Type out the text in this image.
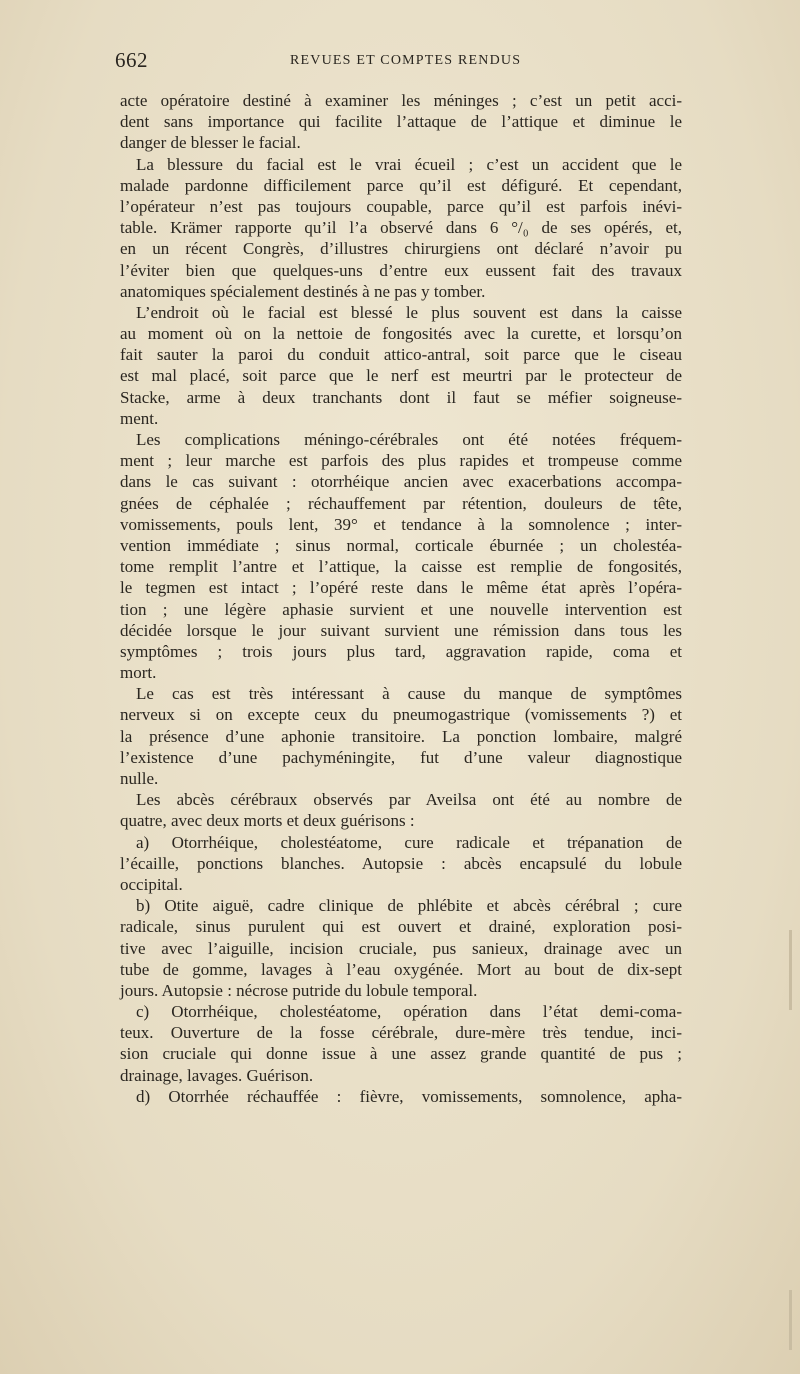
662	REVUES ET COMPTES RENDUS
acte opératoire destiné à examiner les méninges ; c’est un petit acci-
dent sans importance qui facilite l’attaque de l’attique et diminue le
danger de blesser le facial.
La blessure du facial est le vrai écueil ; c’est un accident que le
malade pardonne difficilement parce qu’il est défiguré. Et cependant,
l’opérateur n’est pas toujours coupable, parce qu’il est parfois inévi-
table. Krämer rapporte qu’il l’a observé dans 6 °/₀ de ses opérés, et,
en un récent Congrès, d’illustres chirurgiens ont déclaré n’avoir pu
l’éviter bien que quelques-uns d’entre eux eussent fait des travaux
anatomiques spécialement destinés à ne pas y tomber.
L’endroit où le facial est blessé le plus souvent est dans la caisse
au moment où on la nettoie de fongosités avec la curette, et lorsqu’on
fait sauter la paroi du conduit attico-antral, soit parce que le ciseau
est mal placé, soit parce que le nerf est meurtri par le protecteur de
Stacke, arme à deux tranchants dont il faut se méfier soigneuse-
ment.
Les complications méningo-cérébrales ont été notées fréquem-
ment ; leur marche est parfois des plus rapides et trompeuse comme
dans le cas suivant : otorrhéique ancien avec exacerbations accompa-
gnées de céphalée ; réchauffement par rétention, douleurs de tête,
vomissements, pouls lent, 39° et tendance à la somnolence ; inter-
vention immédiate ; sinus normal, corticale éburnée ; un cholestéa-
tome remplit l’antre et l’attique, la caisse est remplie de fongosités,
le tegmen est intact ; l’opéré reste dans le même état après l’opéra-
tion ; une légère aphasie survient et une nouvelle intervention est
décidée lorsque le jour suivant survient une rémission dans tous les
symptômes ; trois jours plus tard, aggravation rapide, coma et
mort.
Le cas est très intéressant à cause du manque de symptômes
nerveux si on excepte ceux du pneumogastrique (vomissements ?) et
la présence d’une aphonie transitoire. La ponction lombaire, malgré
l’existence d’une pachyméningite, fut d’une valeur diagnostique
nulle.
Les abcès cérébraux observés par Aveilsa ont été au nombre de
quatre, avec deux morts et deux guérisons :
a) Otorrhéique, cholestéatome, cure radicale et trépanation de
l’écaille, ponctions blanches. Autopsie : abcès encapsulé du lobule
occipital.
b) Otite aiguë, cadre clinique de phlébite et abcès cérébral ; cure
radicale, sinus purulent qui est ouvert et drainé, exploration posi-
tive avec l’aiguille, incision cruciale, pus sanieux, drainage avec un
tube de gomme, lavages à l’eau oxygénée. Mort au bout de dix-sept
jours. Autopsie : nécrose putride du lobule temporal.
c) Otorrhéique, cholestéatome, opération dans l’état demi-coma-
teux. Ouverture de la fosse cérébrale, dure-mère très tendue, inci-
sion cruciale qui donne issue à une assez grande quantité de pus ;
drainage, lavages. Guérison.
d) Otorrhée réchauffée : fièvre, vomissements, somnolence, apha-
